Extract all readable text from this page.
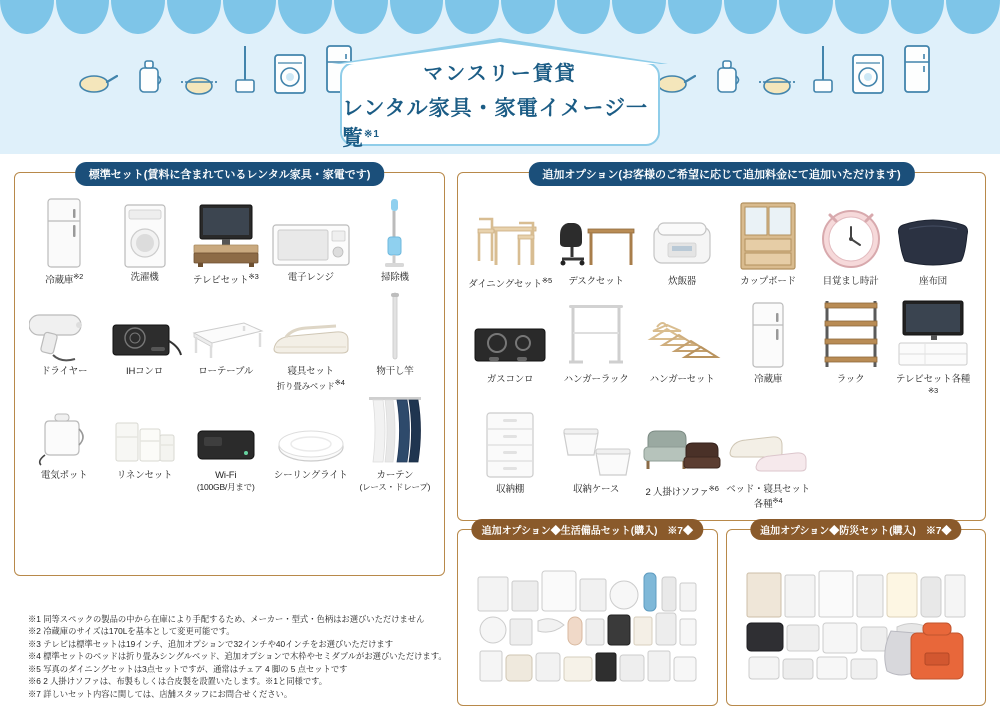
マンスリー賃貸
レンタル家具・家電イメージ一覧$^{※1}$
標準セット(賃料に含まれているレンタル家具・家電です)
冷蔵庫$^{※2}$	洗濯機	テレビセット$^{※3}$	電子レンジ	掃除機
ドライヤー	IHコンロ	ローテーブル	寝具セット
折り畳みベッド$^{※4}$
物干し竿
電気ポット	リネンセット	Wi-Fi
(100GB/月まで)
シーリングライト	カーテン
(レース・ドレープ)
※1 同等スペックの製品の中から在庫により手配するため、メーカー・型式・色柄はお選びいただけません
※2 冷蔵庫のサイズは170Lを基本として変更可能です。
※3 テレビは標準セットは19インチ、追加オプションで32インチや40インチをお選びいただけます
※4 標準セットのベッドは折り畳みシングルベッド、追加オプションで木枠やセミダブルがお選びいただけます。
※5 写真のダイニングセットは3点セットですが、通常はチェア 4 脚の 5 点セットです
※6 2 人掛けソファは、布製もしくは合皮製を設置いたします。※1と同様です。
※7 詳しいセット内容に関しては、店舗スタッフにお問合せください。
追加オプション(お客様のご希望に応じて追加料金にて追加いただけます)
ダイニングセット$^{※5}$ デスクセット	炊飯器	カップボード	目覚まし時計	座布団
ガスコンロ	ハンガーラック ハンガーセット	冷蔵庫	ラック	テレビセット各種$^{※3}$
収納棚	収納ケース	2 人掛けソファ$^{※6}$ ベッド・寝具セット各種$^{※4}$
追加オプション◆生活備品セット(購入)　※7◆	追加オプション◆防災セット(購入)　※7◆
